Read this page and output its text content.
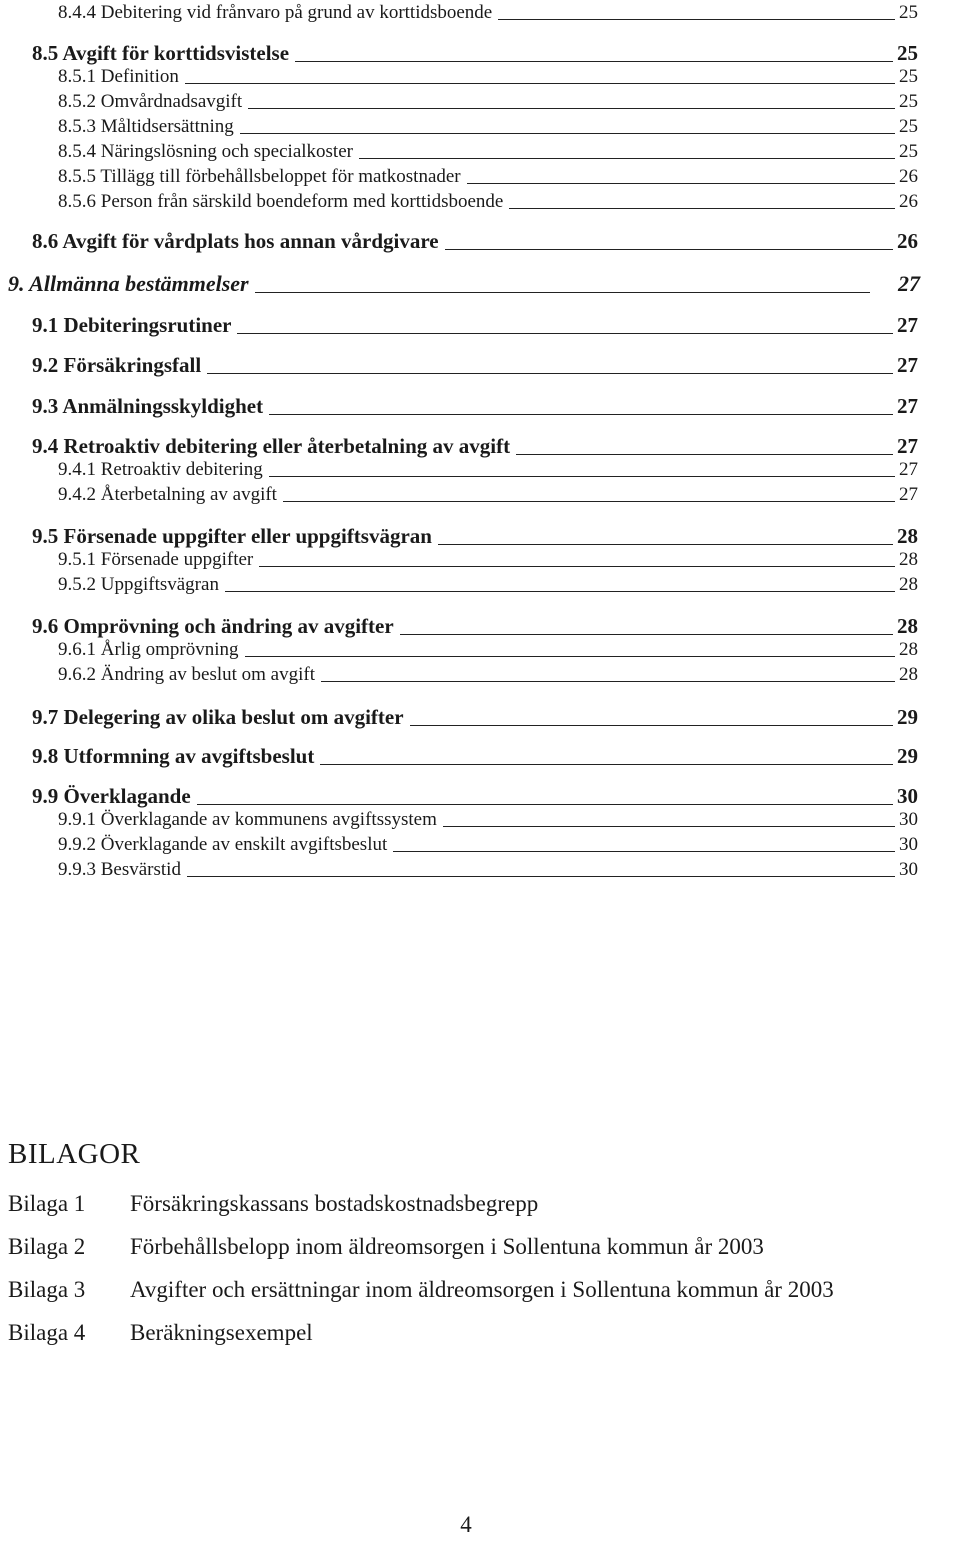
8.4.4 Debitering vid frånvaro på grund av korttidsboende	25
8.5 Avgift för korttidsvistelse	25
8.5.1 Definition	25
8.5.2 Omvårdnadsavgift	25
8.5.3 Måltidsersättning	25
8.5.4 Näringslösning och specialkoster	25
8.5.5 Tillägg till förbehållsbeloppet för matkostnader	26
8.5.6 Person från särskild boendeform med korttidsboende	26
8.6 Avgift för vårdplats hos annan vårdgivare	26
9. Allmänna bestämmelser	27
9.1 Debiteringsrutiner	27
9.2 Försäkringsfall	27
9.3 Anmälningsskyldighet	27
9.4 Retroaktiv debitering eller återbetalning av avgift	27
9.4.1 Retroaktiv debitering	27
9.4.2 Återbetalning av avgift	27
9.5 Försenade uppgifter eller uppgiftsvägran	28
9.5.1 Försenade uppgifter	28
9.5.2 Uppgiftsvägran	28
9.6 Omprövning och ändring av avgifter	28
9.6.1 Årlig omprövning	28
9.6.2 Ändring av beslut om avgift	28
9.7 Delegering av olika beslut om avgifter	29
9.8 Utformning av avgiftsbeslut	29
9.9 Överklagande	30
9.9.1 Överklagande av kommunens avgiftssystem	30
9.9.2 Överklagande av enskilt avgiftsbeslut	30
9.9.3 Besvärstid	30
BILAGOR
Bilaga 1	Försäkringskassans bostadskostnadsbegrepp
Bilaga 2	Förbehållsbelopp inom äldreomsorgen i Sollentuna kommun år 2003
Bilaga 3	Avgifter och ersättningar inom äldreomsorgen i Sollentuna kommun år 2003
Bilaga 4	Beräkningsexempel
4
